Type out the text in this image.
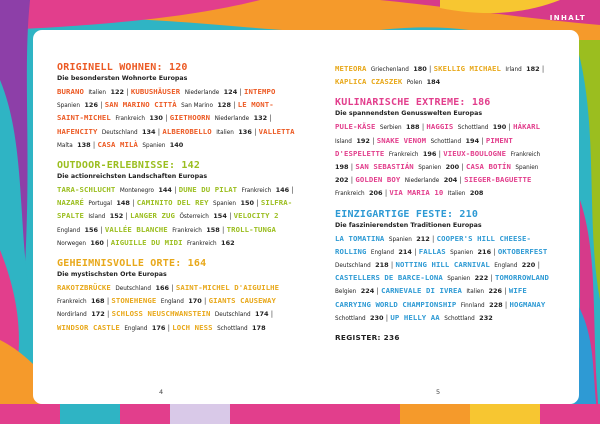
INHALT
ORIGINELL WOHNEN: 120
Die besondersten Wohnorte Europas
BURANO Italien 122 | KUBUSHÄUSER Niederlande 124 | INTEMPO Spanien 126 | SAN MARINO CITTÀ San Marino 128 | LE MONT-SAINT-MICHEL Frankreich 130 | GIETHOORN Niederlande 132 | HAFENCITY Deutschland 134 | ALBEROBELLO Italien 136 | VALLETTA Malta 138 | CASA MILÀ Spanien 140
OUTDOOR-ERLEBNISSE: 142
Die actionreichsten Landschaften Europas
TARA-SCHLUCHT Montenegro 144 | DUNE DU PILAT Frankreich 146 | NAZARÉ Portugal 148 | CAMINITO DEL REY Spanien 150 | SILFRA-SPALTE Island 152 | LANGER ZUG Österreich 154 | VELOCITY 2 England 156 | VALLÉE BLANCHE Frankreich 158 | TROLL-TUNGA Norwegen 160 | AIGUILLE DU MIDI Frankreich 162
GEHEIMNISVOLLE ORTE: 164
Die mystischsten Orte Europas
RAKOTZBRÜCKE Deutschland 166 | SAINT-MICHEL D'AIGUILHE Frankreich 168 | STONEHENGE England 170 | GIANTS CAUSEWAY Nordirland 172 | SCHLOSS NEUSCHWANSTEIN Deutschland 174 | WINDSOR CASTLE England 176 | LOCH NESS Schottland 178
METEORA Griechenland 180 | SKELLIG MICHAEL Irland 182 | KAPLICA CZASZEK Polen 184
KULINARISCHE EXTREME: 186
Die spannendsten Genusswelten Europas
PULE-KÄSE Serbien 188 | HAGGIS Schottland 190 | HÁKARL Island 192 | SNAKE VENOM Schottland 194 | PIMENT D'ESPELETTE Frankreich 196 | VIEUX-BOULOGNE Frankreich 198 | SAN SEBASTIÁN Spanien 200 | CASA BOTÍN Spanien 202 | GOLDEN BOY Niederlande 204 | SIEGER-BAGUETTE Frankreich 206 | VIA MARIA 10 Italien 208
EINZIGARTIGE FESTE: 210
Die faszinierendsten Traditionen Europas
LA TOMATINA Spanien 212 | COOPER'S HILL CHEESE-ROLLING England 214 | FALLAS Spanien 216 | OKTOBERFEST Deutschland 218 | NOTTING HILL CARNIVAL England 220 | CASTELLERS DE BARCE-LONA Spanien 222 | TOMORROWLAND Belgien 224 | CARNEVALE DI IVREA Italien 226 | WIFE CARRYING WORLD CHAMPIONSHIP Finnland 228 | HOGMANAY Schottland 230 | UP HELLY AA Schottland 232
REGISTER: 236
4	5
